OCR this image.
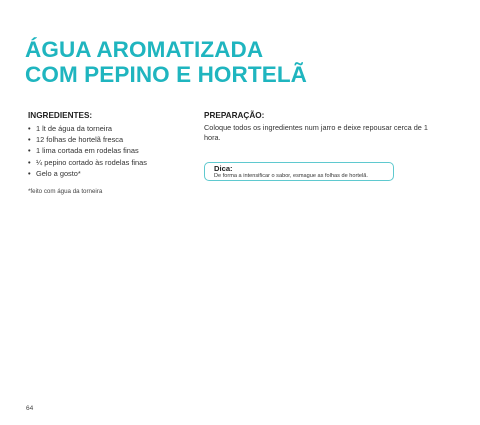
ÁGUA AROMATIZADA
COM PEPINO E HORTELÃ
INGREDIENTES:
• 1 lt de água da torneira
• 12 folhas de hortelã fresca
• 1 lima cortada em rodelas finas
• ¼ pepino cortado às rodelas finas
• Gelo a gosto*
*feito com água da torneira
PREPARAÇÃO:

Coloque todos os ingredientes num jarro e deixe repousar cerca de 1 hora.

Dica:
De forma a intensificar o sabor, esmague as folhas de hortelã.
64
